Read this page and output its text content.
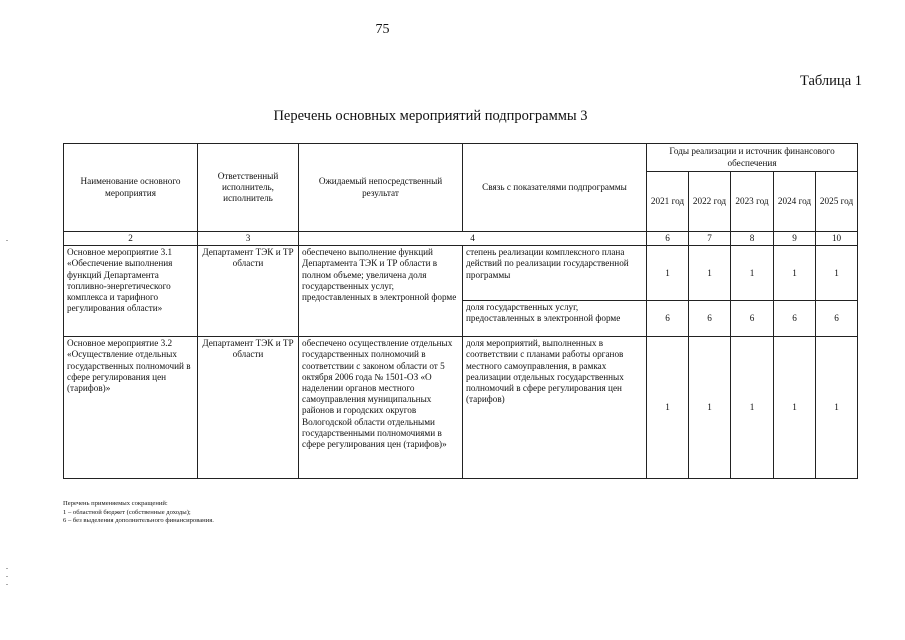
75
Таблица 1
Перечень основных мероприятий подпрограммы 3
Наименование основного мероприятия	Ответственный исполнитель, исполнитель	Ожидаемый непосредственный результат	Связь с показателями подпрограммы	Годы реализации и источник финансового обеспечения				
				2021 год	2022 год	2023 год	2024 год	2025 год
2	3	4		6	7	8	9	10
Основное мероприятие 3.1 «Обеспечение выполнения функций Департамента топливно-энергетического комплекса и тарифного регулирования области»	Департамент ТЭК и ТР области	обеспечено выполнение функций Департамента ТЭК и ТР области в полном объеме; увеличена доля государственных услуг, предоставленных в электронной форме	степень реализации комплексного плана действий по реализации государственной программы	1	1	1	1	1
			доля государственных услуг, предоставленных в электронной форме	6	6	6	6	6
Основное мероприятие 3.2 «Осуществление отдельных государственных полномочий в сфере регулирования цен (тарифов)»	Департамент ТЭК и ТР области	обеспечено осуществление отдельных государственных полномочий в соответствии с законом области от 5 октября 2006 года № 1501-ОЗ «О наделении органов местного самоуправления муниципальных районов и городских округов Вологодской области отдельными государственными полномочиями в сфере регулирования цен (тарифов)»	доля мероприятий, выполненных в соответствии с планами работы органов местного самоуправления, в рамках реализации отдельных государственных полномочий в сфере регулирования цен (тарифов)	1	1	1	1	1
Перечень применяемых сокращений:
1 – областной бюджет (собственные доходы);
6 – без выделения дополнительного финансирования.
